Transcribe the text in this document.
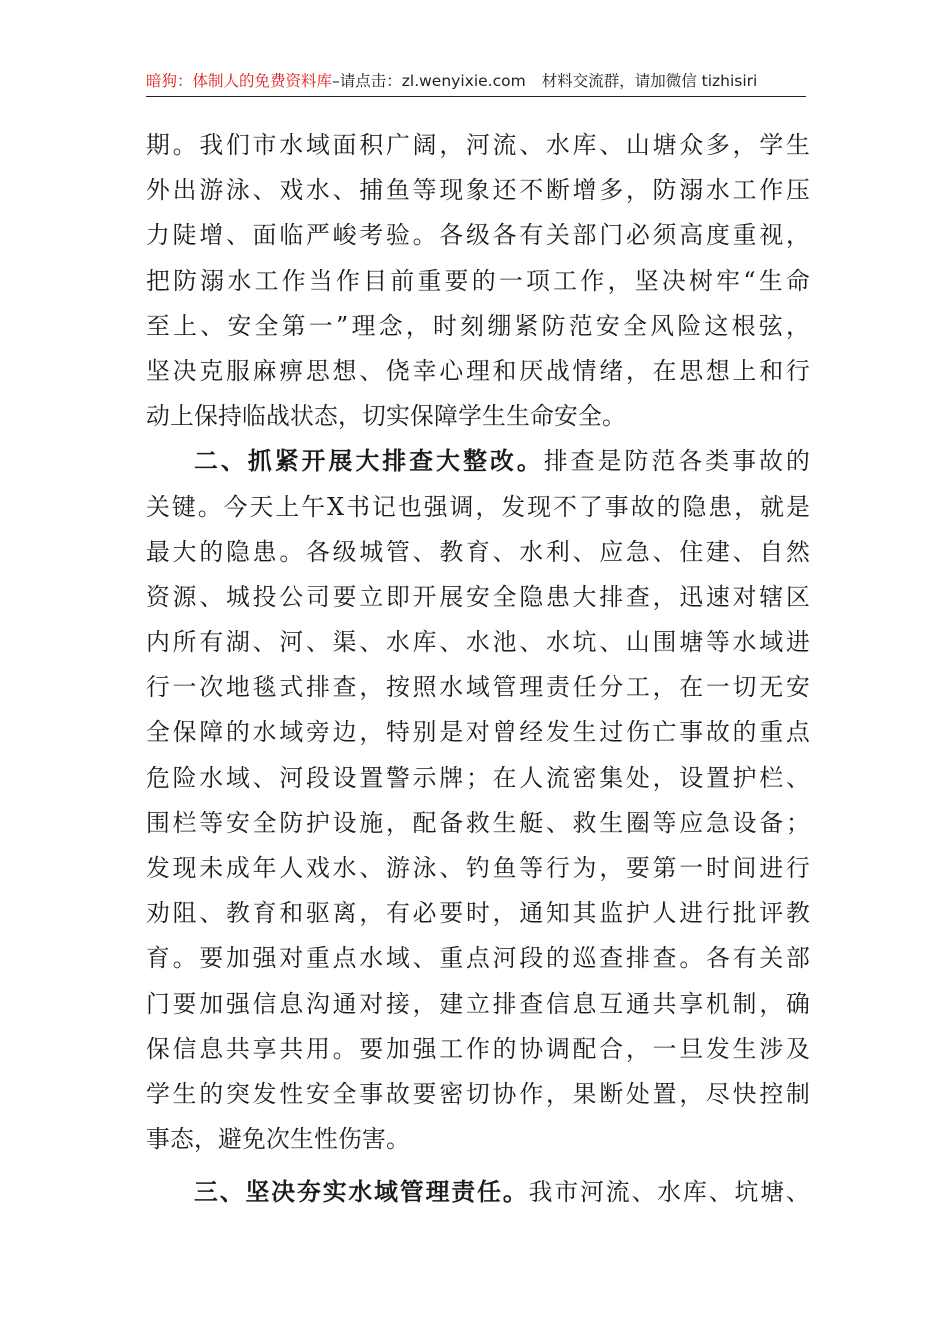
暗狗：体制人的免费资料库–请点击：zl.wenyixie.com 材料交流群，请加微信 tizhisiri
期。我们市水域面积广阔，河流、水库、山塘众多，学生
外出游泳、戏水、捕鱼等现象还不断增多，防溺水工作压
力陡增、面临严峻考验。各级各有关部门必须高度重视，
把防溺水工作当作目前重要的一项工作，坚决树牢“生命
至上、安全第一”理念，时刻绷紧防范安全风险这根弦，
坚决克服麻痹思想、侥幸心理和厌战情绪，在思想上和行
动上保持临战状态，切实保障学生生命安全。
二、抓紧开展大排查大整改。排查是防范各类事故的
关键。今天上午X书记也强调，发现不了事故的隐患，就是
最大的隐患。各级城管、教育、水利、应急、住建、自然
资源、城投公司要立即开展安全隐患大排查，迅速对辖区
内所有湖、河、渠、水库、水池、水坑、山围塘等水域进
行一次地毯式排查，按照水域管理责任分工，在一切无安
全保障的水域旁边，特别是对曾经发生过伤亡事故的重点
危险水域、河段设置警示牌；在人流密集处，设置护栏、
围栏等安全防护设施，配备救生艇、救生圈等应急设备；
发现未成年人戏水、游泳、钓鱼等行为，要第一时间进行
劝阻、教育和驱离，有必要时，通知其监护人进行批评教
育。要加强对重点水域、重点河段的巡查排查。各有关部
门要加强信息沟通对接，建立排查信息互通共享机制，确
保信息共享共用。要加强工作的协调配合，一旦发生涉及
学生的突发性安全事故要密切协作，果断处置，尽快控制
事态，避免次生性伤害。
三、坚决夯实水域管理责任。我市河流、水库、坑塘、
